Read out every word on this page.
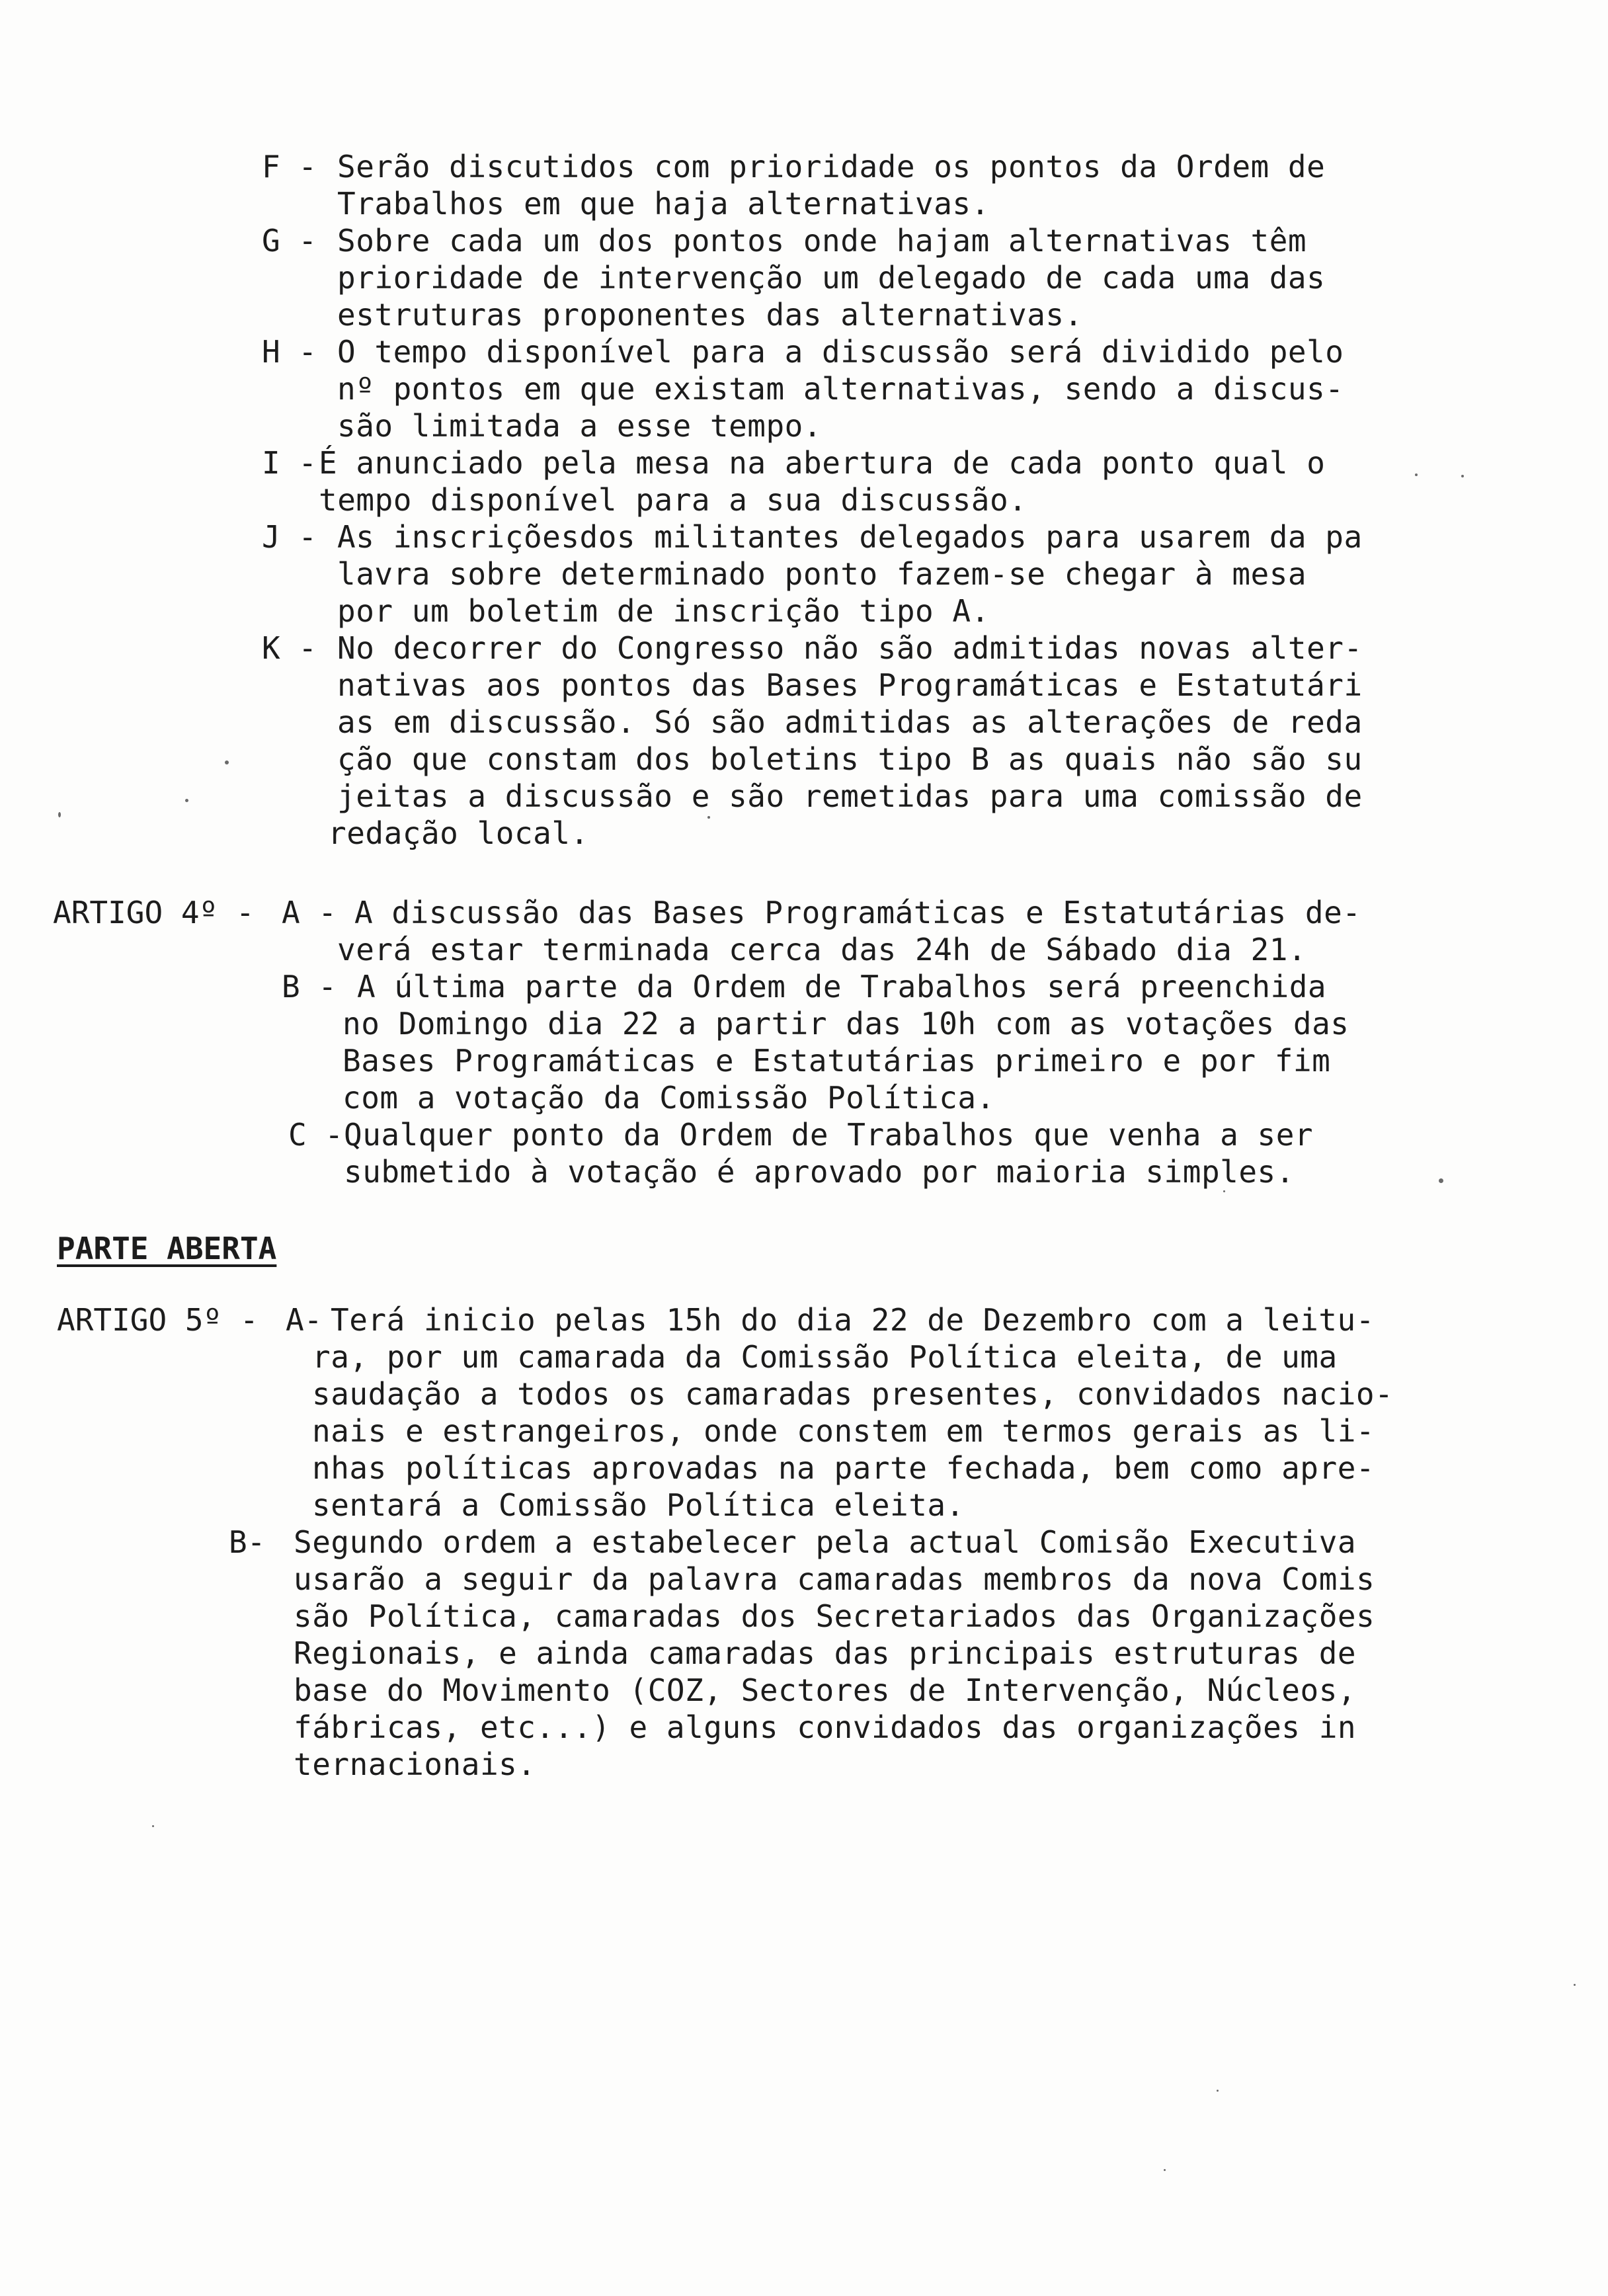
F - Serão discutidos com prioridade os pontos da Ordem de
Trabalhos em que haja alternativas.
G - Sobre cada um dos pontos onde hajam alternativas têm
prioridade de intervenção um delegado de cada uma das
estruturas proponentes das alternativas.
H - O tempo disponível para a discussão será dividido pelo
nº pontos em que existam alternativas, sendo a discus-
são limitada a esse tempo.
I - É anunciado pela mesa na abertura de cada ponto qual o
tempo disponível para a sua discussão.
J - As inscriçõesdos militantes delegados para usarem da pa
lavra sobre determinado ponto fazem-se chegar à mesa
por um boletim de inscrição tipo A.
K - No decorrer do Congresso não são admitidas novas alter-
nativas aos pontos das Bases Programáticas e Estatutári
as em discussão. Só são admitidas as alterações de reda
ção que constam dos boletins tipo B as quais não são su
jeitas a discussão e são remetidas para uma comissão de
redação local.
ARTIGO 4º - A - A discussão das Bases Programáticas e Estatutárias de-
verá estar terminada cerca das 24h de Sábado dia 21.
B - A última parte da Ordem de Trabalhos será preenchida
no Domingo dia 22 a partir das 10h com as votações das
Bases Programáticas e Estatutárias primeiro e por fim
com a votação da Comissão Política.
C - Qualquer ponto da Ordem de Trabalhos que venha a ser
submetido à votação é aprovado por maioria simples.
PARTE ABERTA
ARTIGO 5º - A- Terá inicio pelas 15h do dia 22 de Dezembro com a leitu-
ra, por um camarada da Comissão Política eleita, de uma
saudação a todos os camaradas presentes, convidados nacio-
nais e estrangeiros, onde constem em termos gerais as li-
nhas políticas aprovadas na parte fechada, bem como apre-
sentará a Comissão Política eleita.
B- Segundo ordem a estabelecer pela actual Comisão Executiva
usarão a seguir da palavra camaradas membros da nova Comis
são Política, camaradas dos Secretariados das Organizações
Regionais, e ainda camaradas das principais estruturas de
base do Movimento (COZ, Sectores de Intervenção, Núcleos,
fábricas, etc...) e alguns convidados das organizações in
ternacionais.
